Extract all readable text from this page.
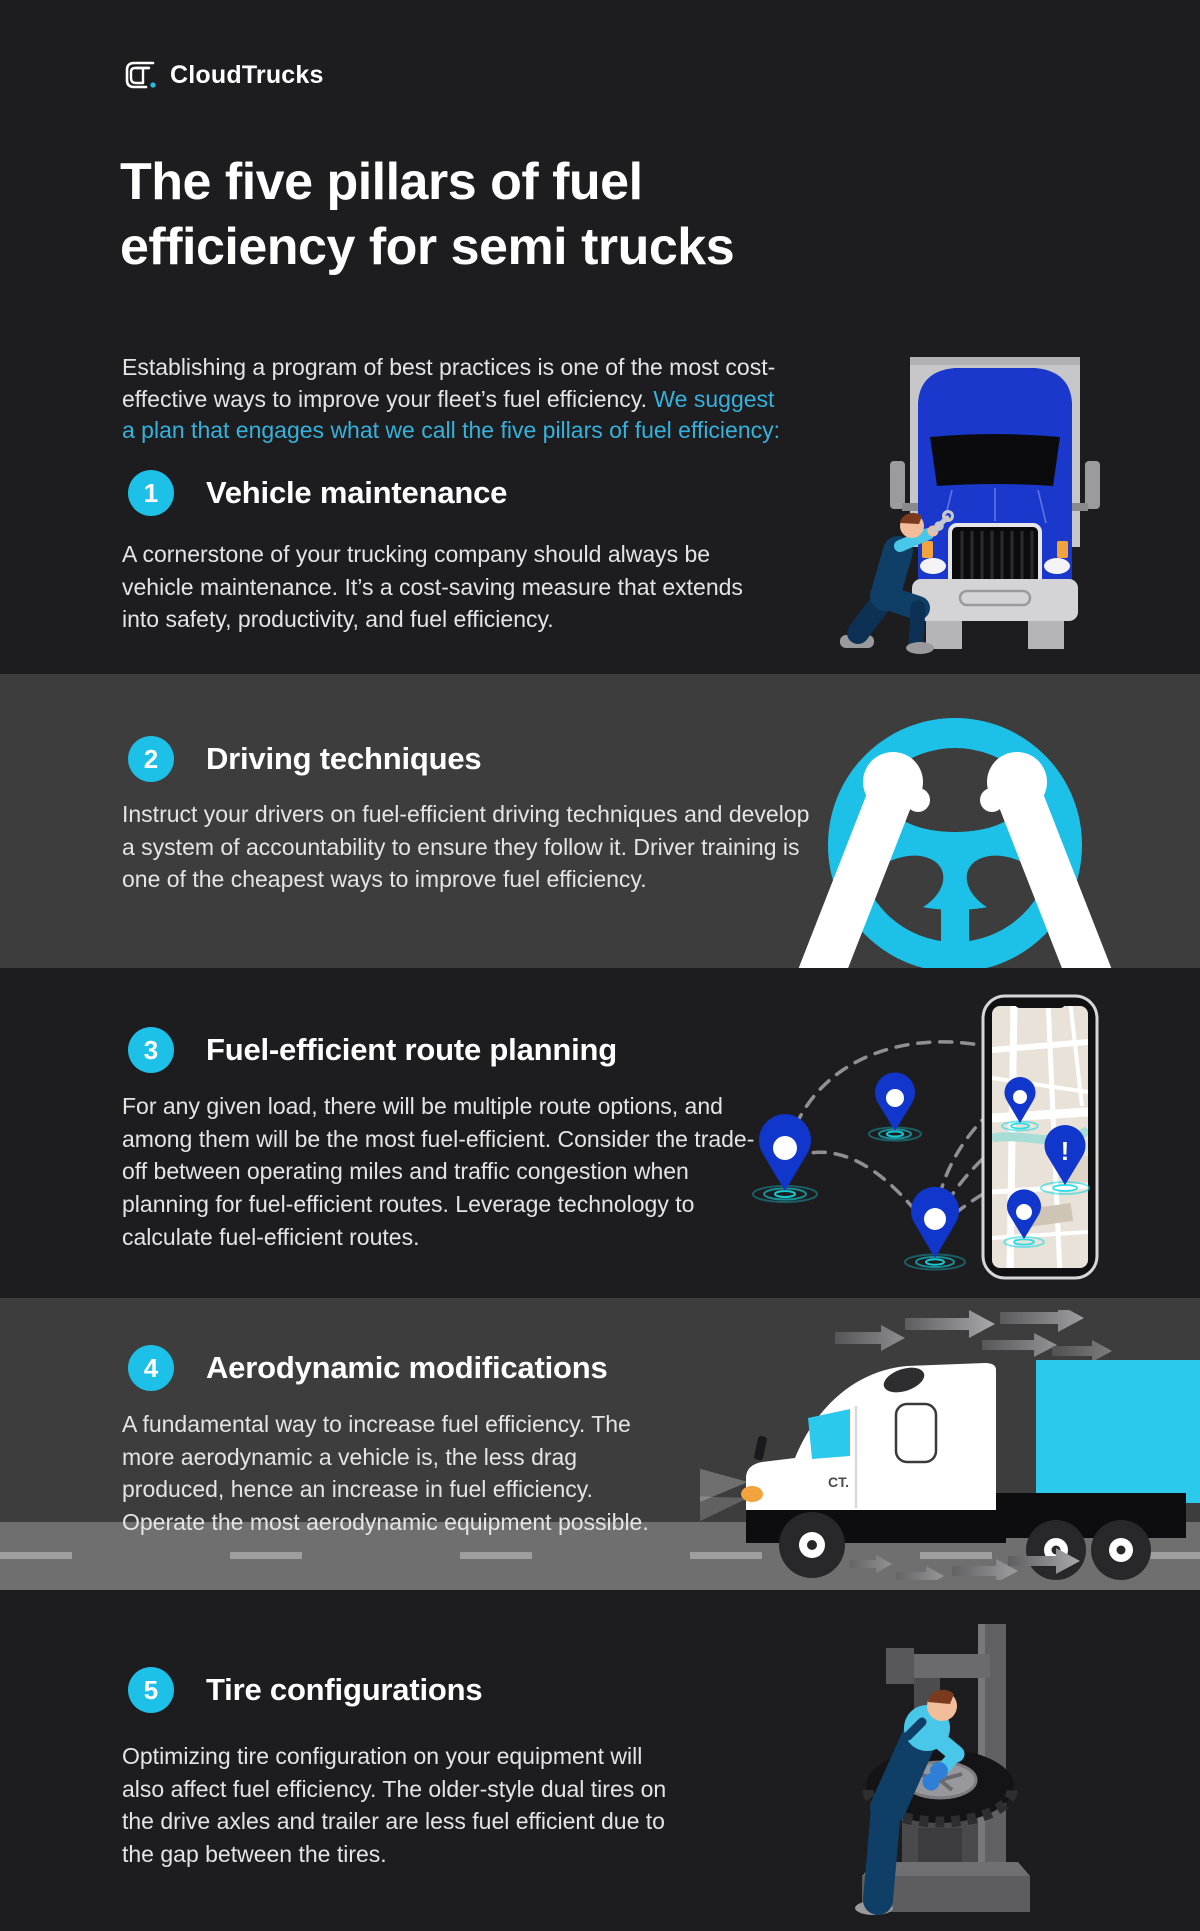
CloudTrucks
The five pillars of fuel
efficiency for semi trucks

Establishing a program of best practices is one of the most cost-effective ways to improve your fleet’s fuel efficiency. We suggest a plan that engages what we call the five pillars of fuel efficiency:

1	Vehicle maintenance

A cornerstone of your trucking company should always be vehicle maintenance. It’s a cost-saving measure that extends into safety, productivity, and fuel efficiency.

2	Driving techniques

Instruct your drivers on fuel-efficient driving techniques and develop a system of accountability to ensure they follow it. Driver training is one of the cheapest ways to improve fuel efficiency.

3	Fuel-efficient route planning

For any given load, there will be multiple route options, and among them will be the most fuel-efficient. Consider the trade-off between operating miles and traffic congestion when planning for fuel-efficient routes. Leverage technology to calculate fuel-efficient routes.

!
4	Aerodynamic modifications

A fundamental way to increase fuel efficiency. The more aerodynamic a vehicle is, the less drag produced, hence an increase in fuel efficiency. Operate the most aerodynamic equipment possible.

CT.
5	Tire configurations

Optimizing tire configuration on your equipment will also affect fuel efficiency. The older-style dual tires on the drive axles and trailer are less fuel efficient due to the gap between the tires.
